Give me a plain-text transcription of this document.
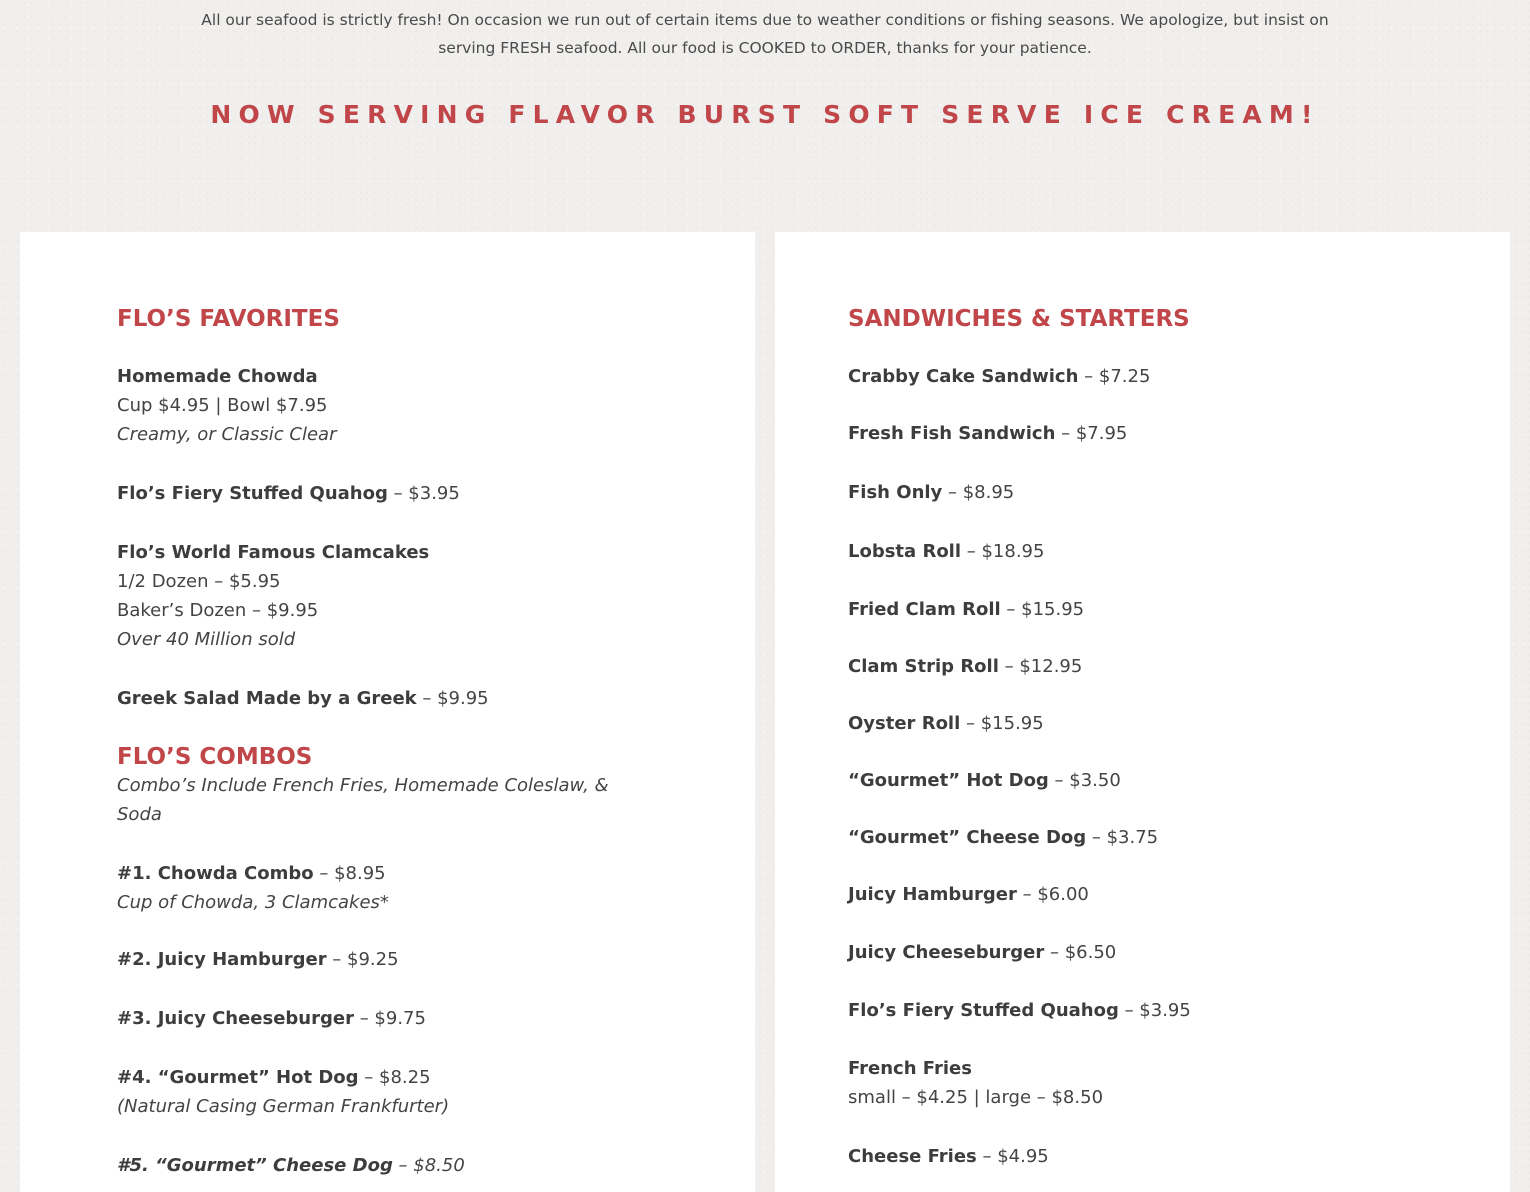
All our seafood is strictly fresh! On occasion we run out of certain items due to weather conditions or fishing seasons. We apologize, but insist on serving FRESH seafood. All our food is COOKED to ORDER, thanks for your patience.
NOW SERVING FLAVOR BURST SOFT SERVE ICE CREAM!
FLO’S FAVORITES
Homemade Chowda
Cup $4.95 | Bowl $7.95
Creamy, or Classic Clear
Flo’s Fiery Stuffed Quahog – $3.95
Flo’s World Famous Clamcakes
1/2 Dozen – $5.95
Baker’s Dozen – $9.95
Over 40 Million sold
Greek Salad Made by a Greek – $9.95
FLO’S COMBOS
Combo’s Include French Fries, Homemade Coleslaw, & Soda
#1. Chowda Combo – $8.95
Cup of Chowda, 3 Clamcakes*
#2. Juicy Hamburger – $9.25
#3. Juicy Cheeseburger – $9.75
#4. “Gourmet” Hot Dog – $8.25
(Natural Casing German Frankfurter)
#5. “Gourmet” Cheese Dog – $8.50
SANDWICHES & STARTERS
Crabby Cake Sandwich – $7.25
Fresh Fish Sandwich – $7.95
Fish Only – $8.95
Lobsta Roll – $18.95
Fried Clam Roll – $15.95
Clam Strip Roll – $12.95
Oyster Roll – $15.95
“Gourmet” Hot Dog – $3.50
“Gourmet” Cheese Dog – $3.75
Juicy Hamburger – $6.00
Juicy Cheeseburger – $6.50
Flo’s Fiery Stuffed Quahog – $3.95
French Fries
small – $4.25 | large – $8.50
Cheese Fries – $4.95
